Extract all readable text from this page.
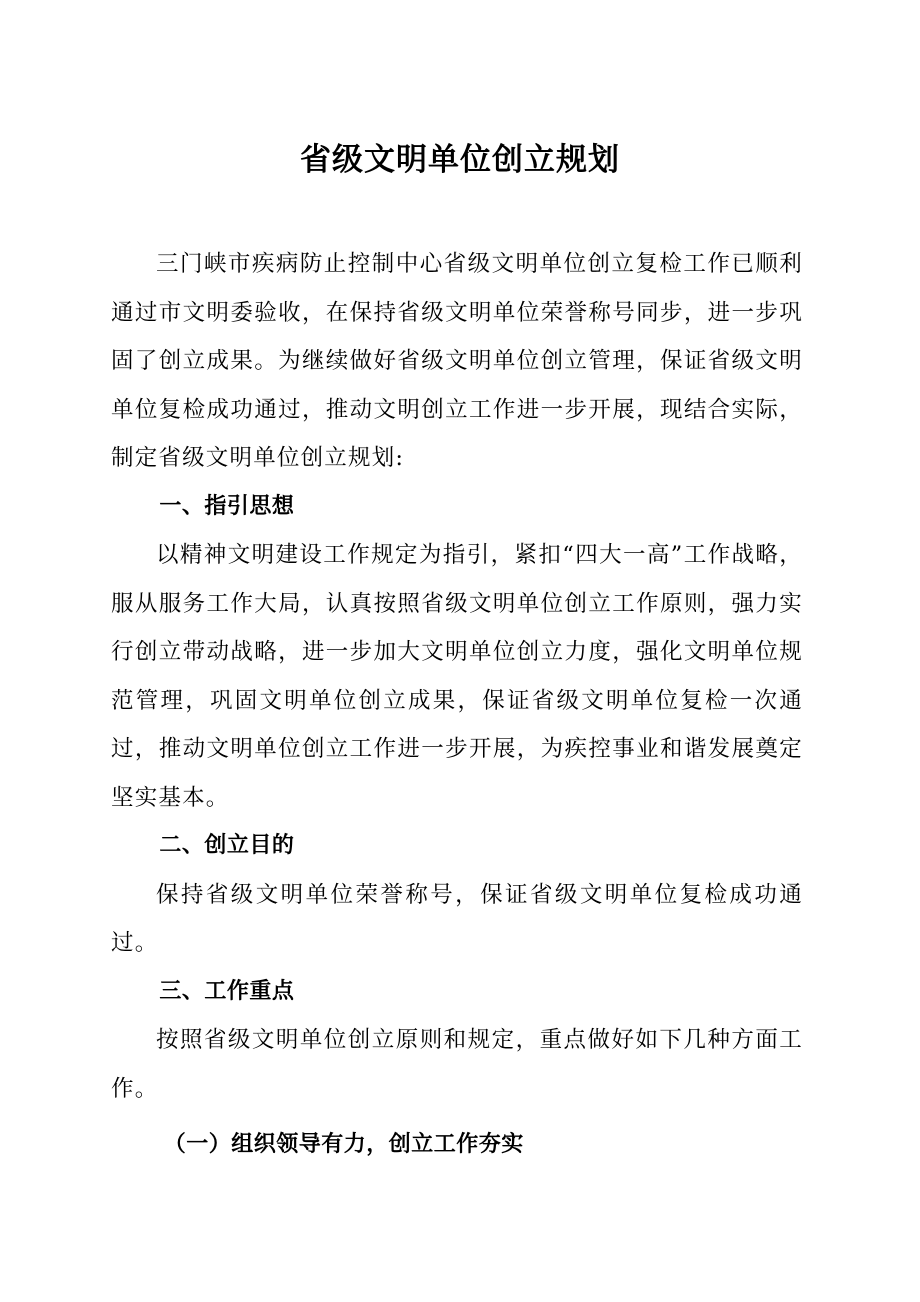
省级文明单位创立规划

三门峡市疾病防止控制中心省级文明单位创立复检工作已顺利通过市文明委验收，在保持省级文明单位荣誉称号同步，进一步巩固了创立成果。为继续做好省级文明单位创立管理，保证省级文明单位复检成功通过，推动文明创立工作进一步开展，现结合实际，制定省级文明单位创立规划:

一、指引思想

以精神文明建设工作规定为指引，紧扣“四大一高”工作战略，服从服务工作大局，认真按照省级文明单位创立工作原则，强力实行创立带动战略，进一步加大文明单位创立力度，强化文明单位规范管理，巩固文明单位创立成果，保证省级文明单位复检一次通过，推动文明单位创立工作进一步开展，为疾控事业和谐发展奠定坚实基本。

二、创立目的

保持省级文明单位荣誉称号，保证省级文明单位复检成功通过。

三、工作重点

按照省级文明单位创立原则和规定，重点做好如下几种方面工作。

（一）组织领导有力，创立工作夯实
